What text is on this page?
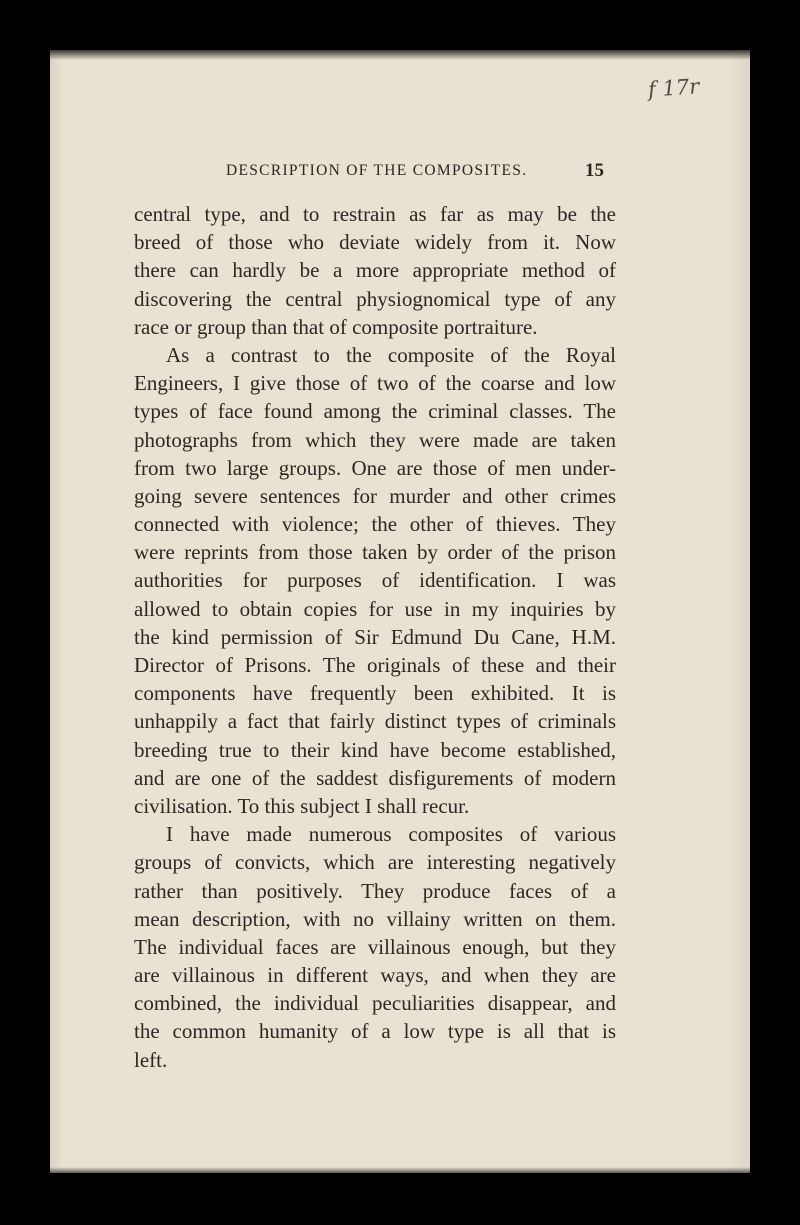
f 17r
DESCRIPTION OF THE COMPOSITES.	15
central type, and to restrain as far as may be the
breed of those who deviate widely from it. Now
there can hardly be a more appropriate method of
discovering the central physiognomical type of any
race or group than that of composite portraiture.
As a contrast to the composite of the Royal
Engineers, I give those of two of the coarse and low
types of face found among the criminal classes. The
photographs from which they were made are taken
from two large groups. One are those of men under-
going severe sentences for murder and other crimes
connected with violence; the other of thieves. They
were reprints from those taken by order of the prison
authorities for purposes of identification. I was
allowed to obtain copies for use in my inquiries by
the kind permission of Sir Edmund Du Cane, H.M.
Director of Prisons. The originals of these and their
components have frequently been exhibited. It is
unhappily a fact that fairly distinct types of criminals
breeding true to their kind have become established,
and are one of the saddest disfigurements of modern
civilisation. To this subject I shall recur.
I have made numerous composites of various
groups of convicts, which are interesting negatively
rather than positively. They produce faces of a
mean description, with no villainy written on them.
The individual faces are villainous enough, but they
are villainous in different ways, and when they are
combined, the individual peculiarities disappear, and
the common humanity of a low type is all that is
left.
